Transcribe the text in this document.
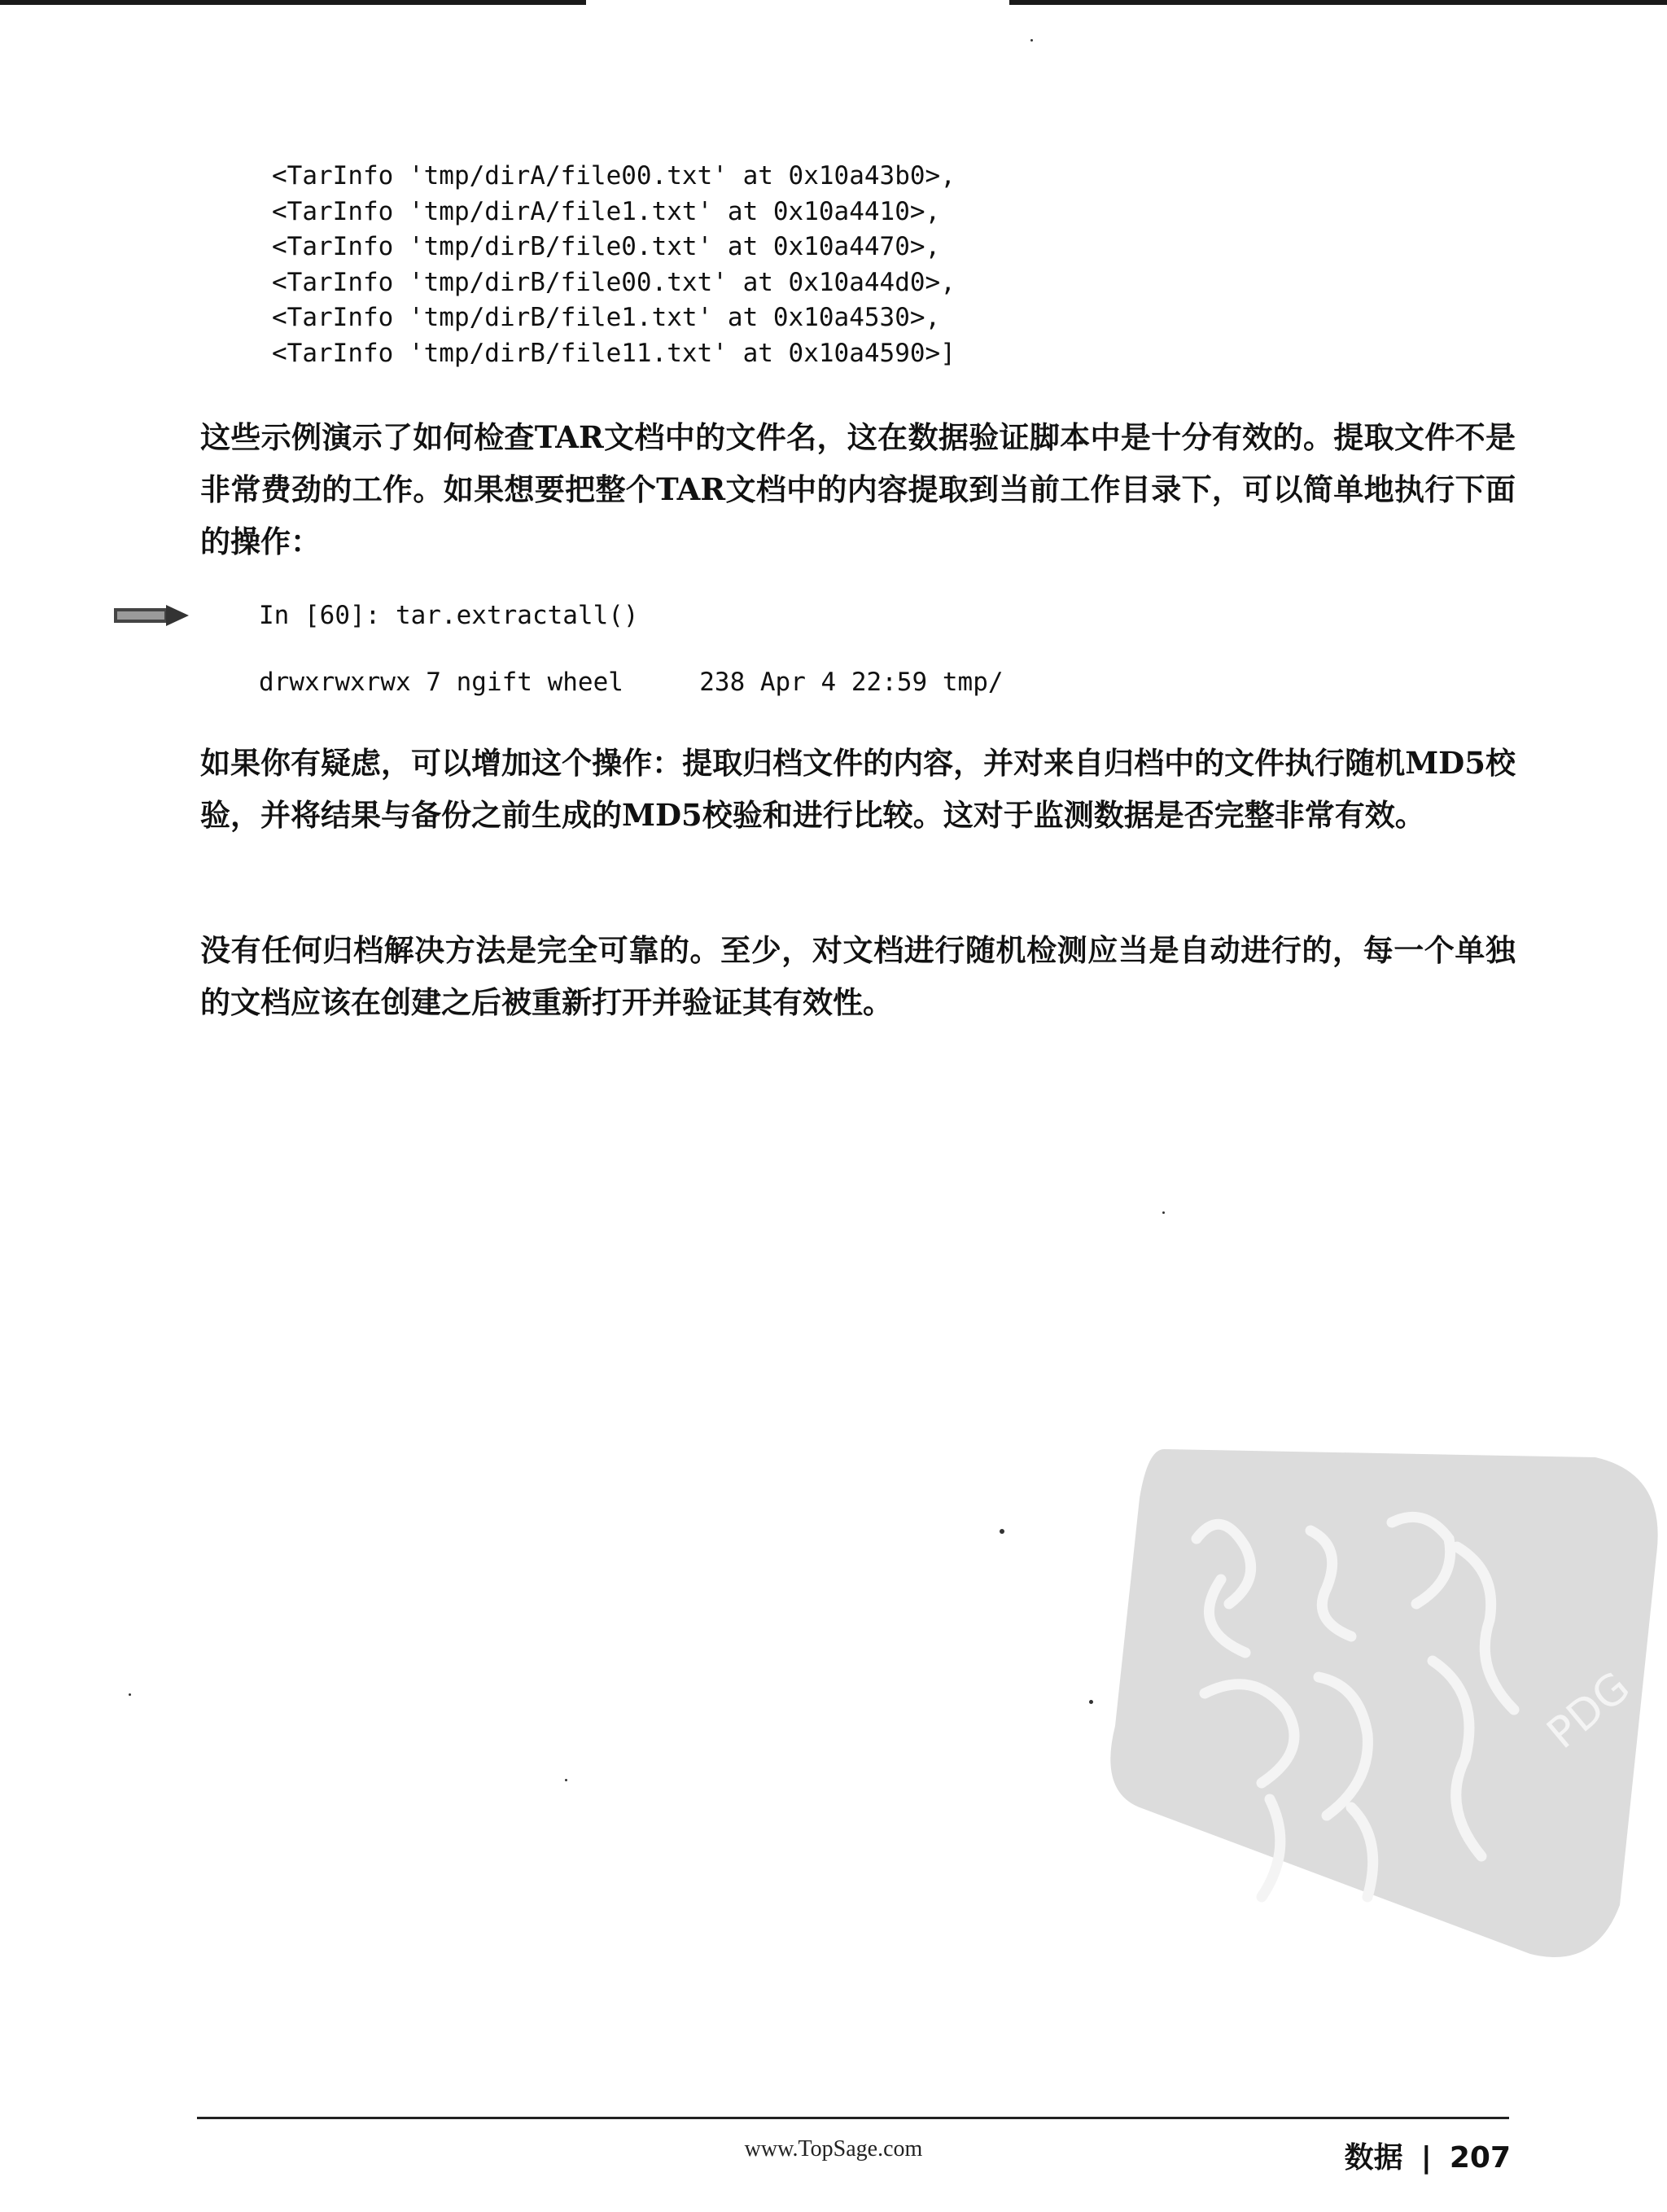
<TarInfo 'tmp/dirA/file00.txt' at 0x10a43b0>,
<TarInfo 'tmp/dirA/file1.txt' at 0x10a4410>,
<TarInfo 'tmp/dirB/file0.txt' at 0x10a4470>,
<TarInfo 'tmp/dirB/file00.txt' at 0x10a44d0>,
<TarInfo 'tmp/dirB/file1.txt' at 0x10a4530>,
<TarInfo 'tmp/dirB/file11.txt' at 0x10a4590>]

这些示例演示了如何检查TAR文档中的文件名，这在数据验证脚本中是十分有效的。提取文件不是非常费劲的工作。如果想要把整个TAR文档中的内容提取到当前工作目录下，可以简单地执行下面的操作：

In [60]: tar.extractall()
drwxrwxrwx 7 ngift wheel     238 Apr 4 22:59 tmp/

如果你有疑虑，可以增加这个操作：提取归档文件的内容，并对来自归档中的文件执行随机MD5校验，并将结果与备份之前生成的MD5校验和进行比较。这对于监测数据是否完整非常有效。

没有任何归档解决方法是完全可靠的。至少，对文档进行随机检测应当是自动进行的，每一个单独的文档应该在创建之后被重新打开并验证其有效性。

PDG
www.TopSage.com	数据 | 207
